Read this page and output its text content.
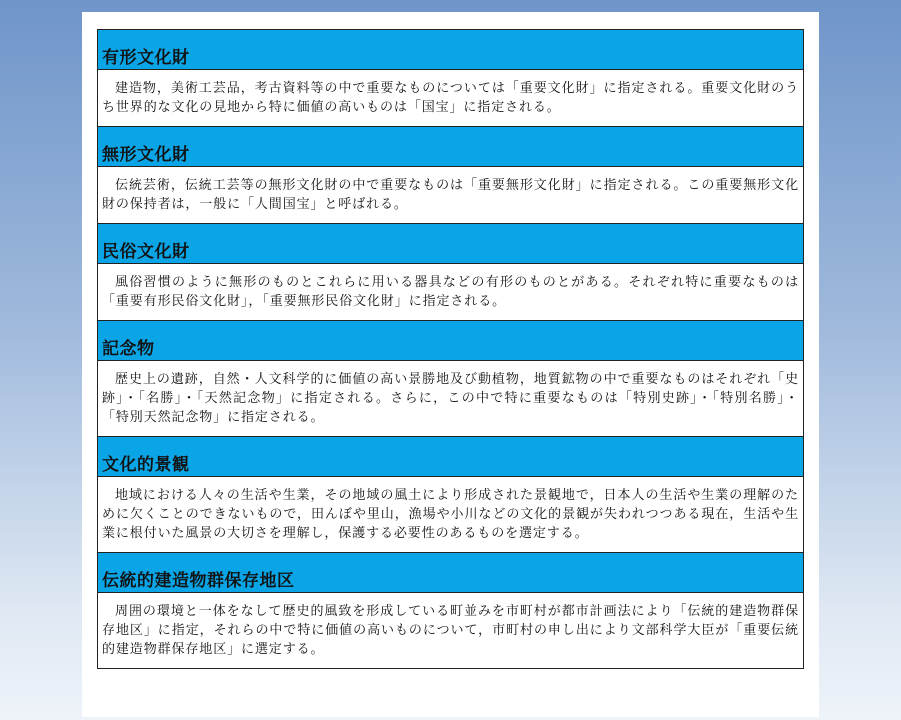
有形文化財
建造物，美術工芸品，考古資料等の中で重要なものについては「重要文化財」に指定される。重要文化財のうち世界的な文化の見地から特に価値の高いものは「国宝」に指定される。
無形文化財
伝統芸術，伝統工芸等の無形文化財の中で重要なものは「重要無形文化財」に指定される。この重要無形文化財の保持者は，一般に「人間国宝」と呼ばれる。
民俗文化財
風俗習慣のように無形のものとこれらに用いる器具などの有形のものとがある。それぞれ特に重要なものは「重要有形民俗文化財」，「重要無形民俗文化財」に指定される。
記念物
歴史上の遺跡，自然・人文科学的に価値の高い景勝地及び動植物，地質鉱物の中で重要なものはそれぞれ「史跡」・「名勝」・「天然記念物」に指定される。さらに，この中で特に重要なものは「特別史跡」・「特別名勝」・「特別天然記念物」に指定される。
文化的景観
地域における人々の生活や生業，その地域の風土により形成された景観地で，日本人の生活や生業の理解のために欠くことのできないもので，田んぼや里山，漁場や小川などの文化的景観が失われつつある現在，生活や生業に根付いた風景の大切さを理解し，保護する必要性のあるものを選定する。
伝統的建造物群保存地区
周囲の環境と一体をなして歴史的風致を形成している町並みを市町村が都市計画法により「伝統的建造物群保存地区」に指定，それらの中で特に価値の高いものについて，市町村の申し出により文部科学大臣が「重要伝統的建造物群保存地区」に選定する。
